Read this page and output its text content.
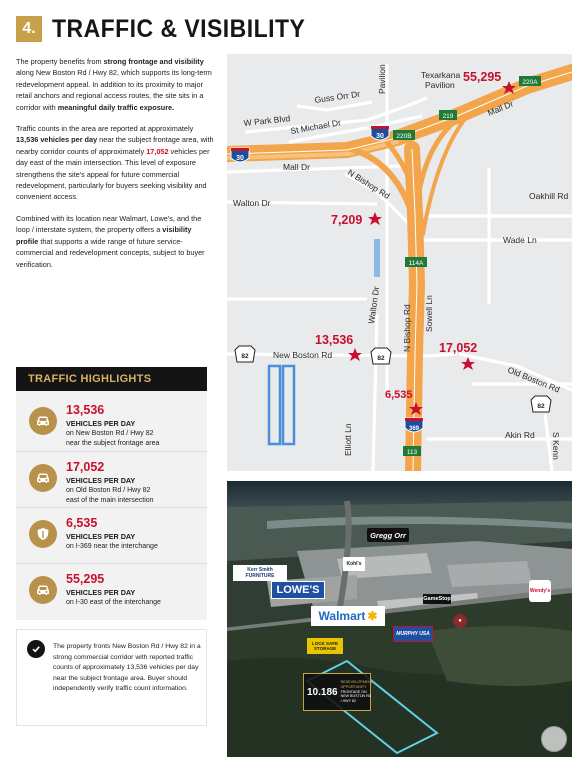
4. TRAFFIC & VISIBILITY

The property benefits from strong frontage and visibility along New Boston Rd / Hwy 82, which supports its long-term redevelopment appeal. In addition to its proximity to major retail anchors and regional access routes, the site sits in a corridor with meaningful daily traffic exposure.

Traffic counts in the area are reported at approximately 13,536 vehicles per day near the subject frontage area, with nearby corridor counts of approximately 17,052 vehicles per day east of the main intersection. This level of exposure strengthens the site's appeal for future commercial redevelopment, particularly for buyers seeking visibility and convenient access.

Combined with its location near Walmart, Lowe's, and the loop / interstate system, the property offers a visibility profile that supports a wide range of future service-commercial and redevelopment concepts, subject to buyer verification.

TRAFFIC HIGHLIGHTS
13,536
VEHICLES PER DAY
on New Boston Rd / Hwy 82
near the subject frontage area
17,052
VEHICLES PER DAY
on Old Boston Rd / Hwy 82
east of the main intersection
6,535
VEHICLES PER DAY
on I-369 near the interchange
55,295
VEHICLES PER DAY
on I-30 east of the interchange
The property fronts New Boston Rd / Hwy 82 in a strong commercial corridor with reported traffic counts of approximately 13,536 vehicles per day near the subject frontage area. Buyer should independently verify traffic count information.
30
30
369
220A
219
220B
114A
113
82	82
82
Pavilion	Texarkana
Pavilion
W Park Blvd
Guss Orr Dr
St Michael Dr
Mall Dr
Mall Dr
N Bishop Rd	Oakhill Rd
Walton Dr
Wade Ln
Walton Dr	Sowell Ln
N Bishop Rd
New Boston Rd
Old Boston Rd
Elliott Ln	Akin Rd S Kenn
55,295
7,209
13,536
17,052
6,535
Gregg Orr
Kerr Smith FURNITURE
Kohl's
LOWE'S
Walmart ✱
GameStop
Wendy's
●
LOCK SAFE STORAGE
MURPHY USA
10.186
REDEVELOPMENT
OPPORTUNITY
FRONTAGE ON
NEW BOSTON RD / HWY 82
